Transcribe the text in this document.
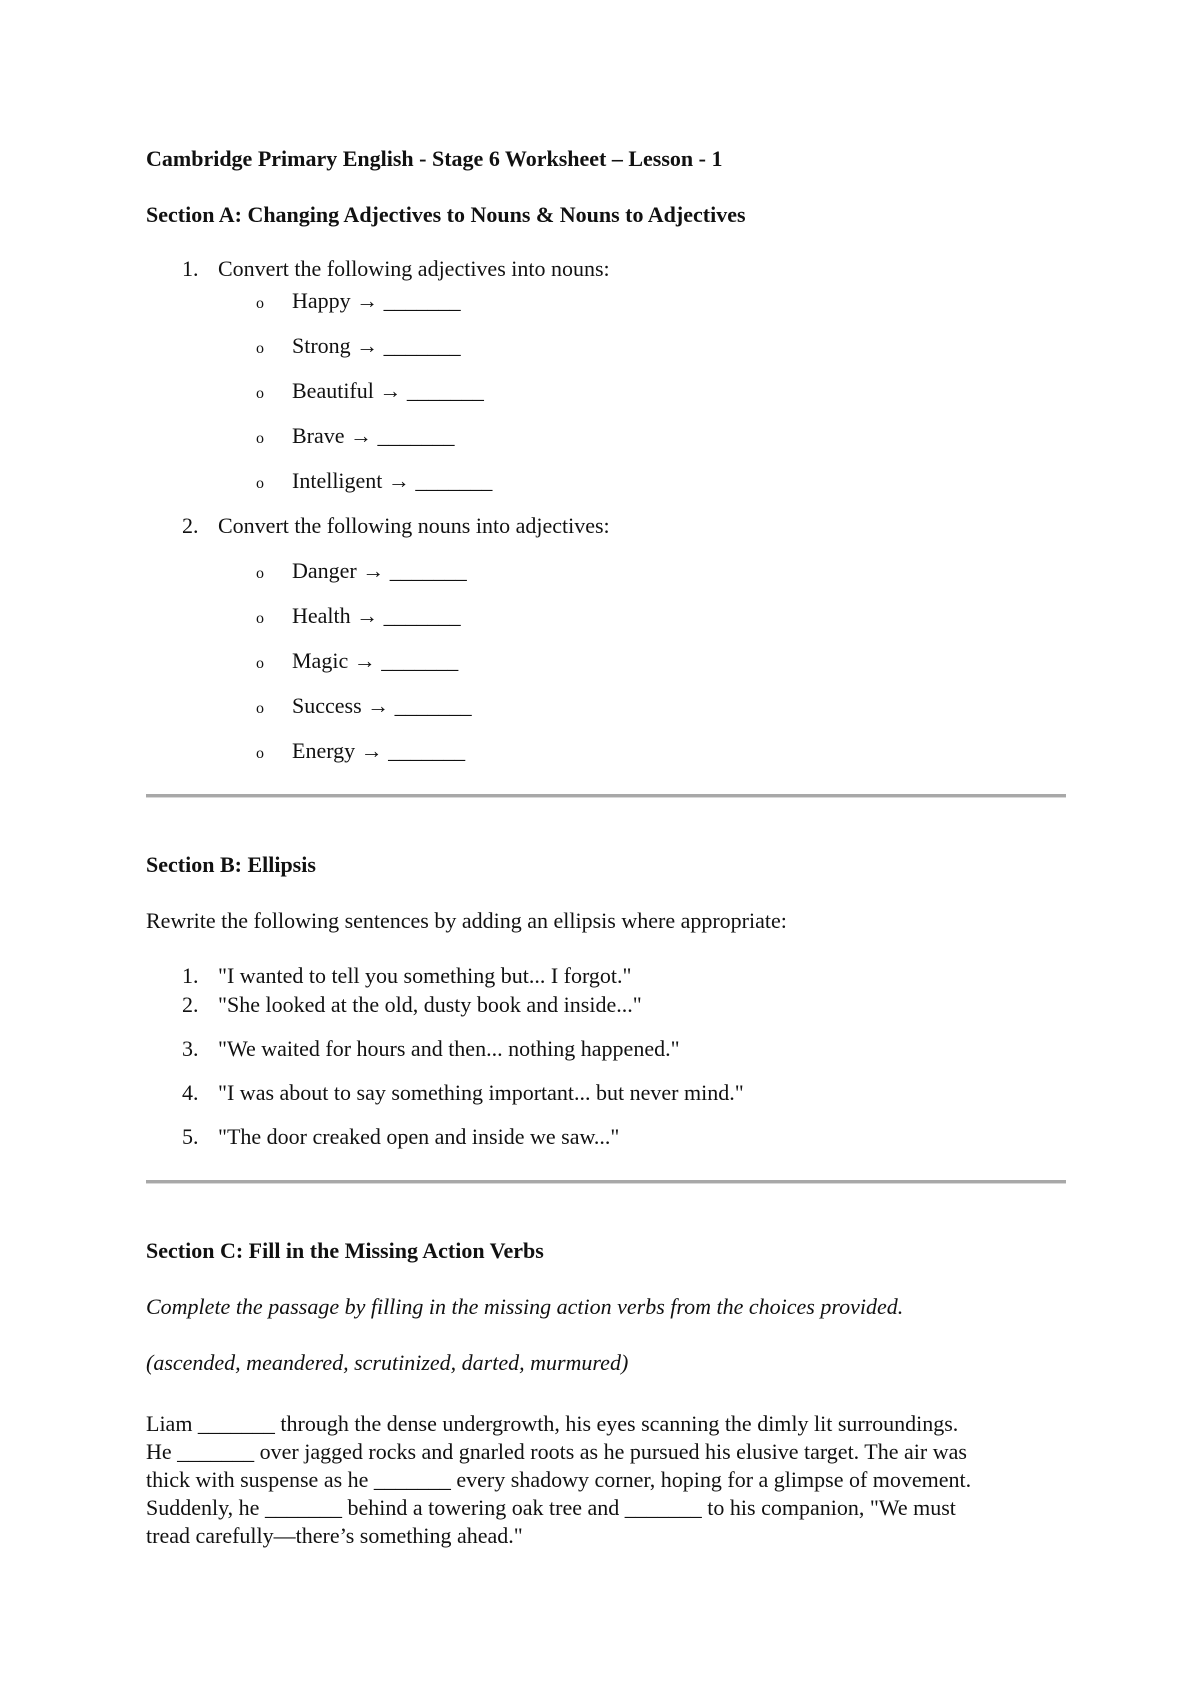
Cambridge Primary English - Stage 6 Worksheet – Lesson - 1
Section A: Changing Adjectives to Nouns & Nouns to Adjectives
1. Convert the following adjectives into nouns:
o Happy → _______
o Strong → _______
o Beautiful → _______
o Brave → _______
o Intelligent → _______
2. Convert the following nouns into adjectives:
o Danger → _______
o Health → _______
o Magic → _______
o Success → _______
o Energy → _______
Section B: Ellipsis
Rewrite the following sentences by adding an ellipsis where appropriate:
1. "I wanted to tell you something but... I forgot."
2. "She looked at the old, dusty book and inside..."
3. "We waited for hours and then... nothing happened."
4. "I was about to say something important... but never mind."
5. "The door creaked open and inside we saw..."
Section C: Fill in the Missing Action Verbs
Complete the passage by filling in the missing action verbs from the choices provided.
(ascended, meandered, scrutinized, darted, murmured)
Liam _______ through the dense undergrowth, his eyes scanning the dimly lit surroundings.
He _______ over jagged rocks and gnarled roots as he pursued his elusive target. The air was
thick with suspense as he _______ every shadowy corner, hoping for a glimpse of movement.
Suddenly, he _______ behind a towering oak tree and _______ to his companion, "We must
tread carefully—there’s something ahead."
